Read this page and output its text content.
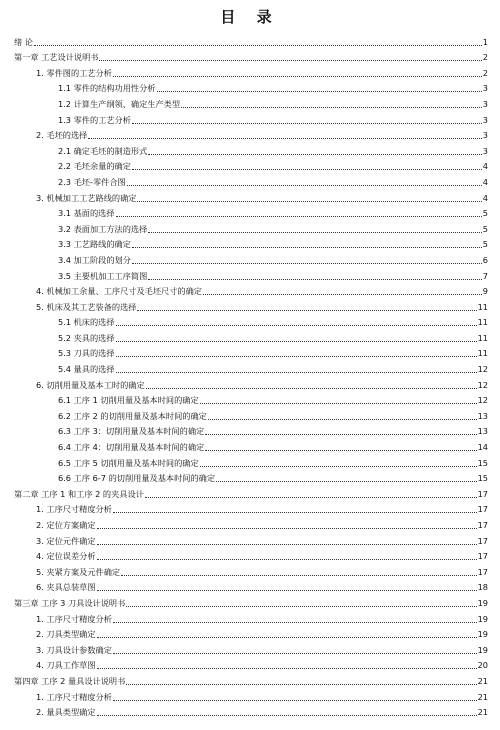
目 录
绪 论	1
第一章 工艺设计说明书	2
1. 零件图的工艺分析	2
1.1 零件的结构功用性分析	3
1.2 计算生产纲领、确定生产类型	3
1.3 零件的工艺分析	3
2. 毛坯的选择	3
2.1 确定毛坯的制造形式	3
2.2 毛坯余量的确定	4
2.3 毛坯-零件合图	4
3. 机械加工工艺路线的确定	4
3.1 基面的选择	5
3.2 表面加工方法的选择	5
3.3 工艺路线的确定	5
3.4 加工阶段的划分	6
3.5 主要机加工工序简图	7
4. 机械加工余量、工序尺寸及毛坯尺寸的确定	9
5. 机床及其工艺装备的选择	11
5.1 机床的选择	11
5.2 夹具的选择	11
5.3 刀具的选择	11
5.4 量具的选择	12
6. 切削用量及基本工时的确定	12
6.1 工序 1 切削用量及基本时间的确定	12
6.2 工序 2 的切削用量及基本时间的确定	13
6.3 工序 3：切削用量及基本时间的确定	13
6.4 工序 4：切削用量及基本时间的确定	14
6.5 工序 5 切削用量及基本时间的确定	15
6.6 工序 6-7 的切削用量及基本时间的确定	15
第二章 工序 1 和工序 2 的夹具设计	17
1. 工序尺寸精度分析	17
2. 定位方案确定	17
3. 定位元件确定	17
4. 定位误差分析	17
5. 夹紧方案及元件确定	17
6. 夹具总装草图	18
第三章 工序 3 刀具设计说明书	19
1. 工序尺寸精度分析	19
2. 刀具类型确定	19
3. 刀具设计参数确定	19
4. 刀具工作草图	20
第四章 工序 2 量具设计说明书	21
1. 工序尺寸精度分析	21
2. 量具类型确定	21
